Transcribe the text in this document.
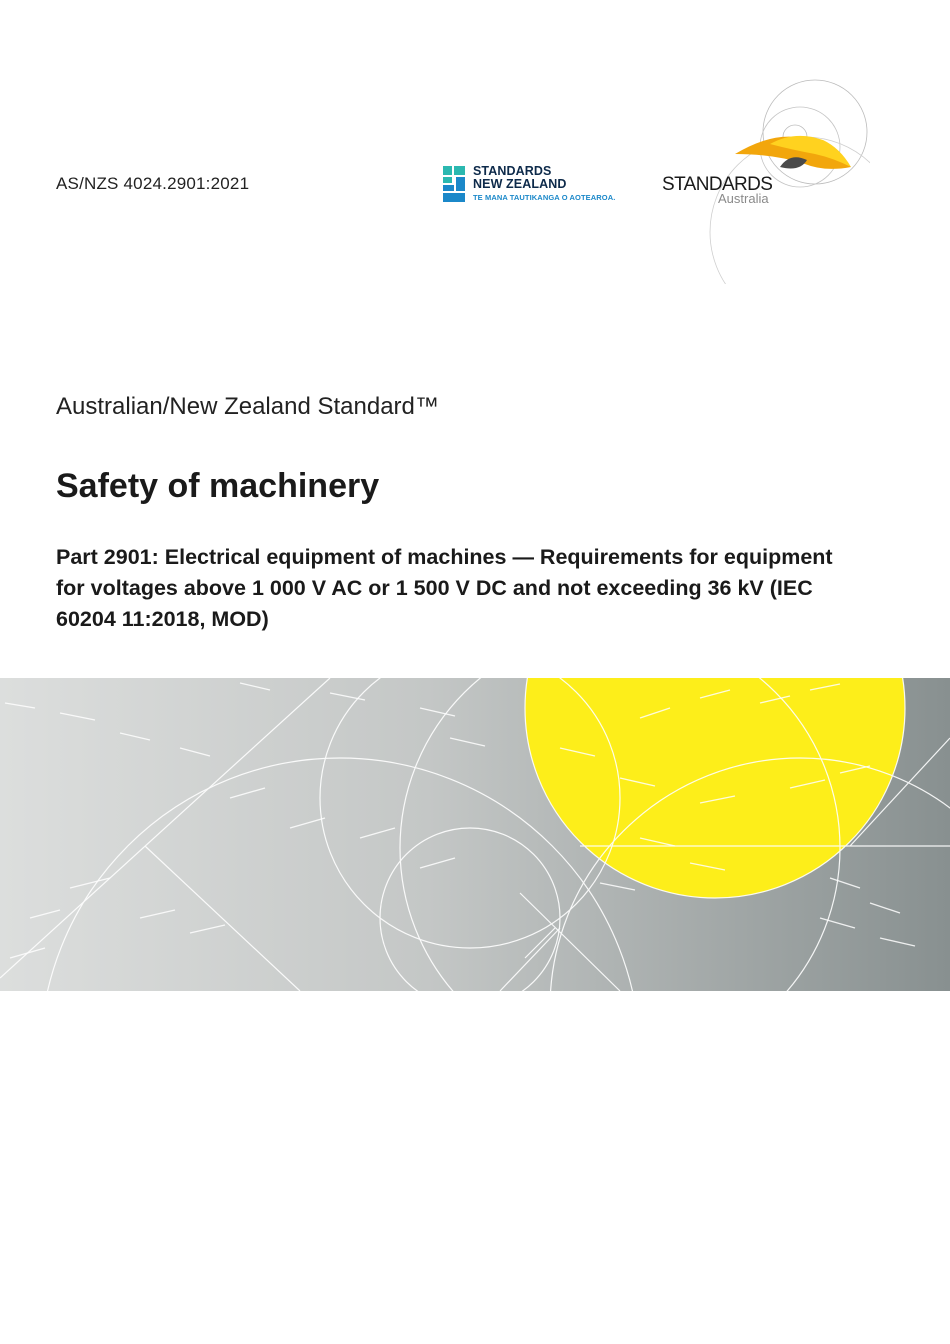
AS/NZS 4024.2901:2021
STANDARDS
NEW ZEALAND
TE MANA TAUTIKANGA O AOTEAROA.
STANDARDS
Australia
Australian/New Zealand Standard™
Safety of machinery
Part 2901: Electrical equipment of machines — Requirements for equipment for voltages above 1 000 V AC or 1 500 V DC and not exceeding 36 kV (IEC 60204 11:2018, MOD)
